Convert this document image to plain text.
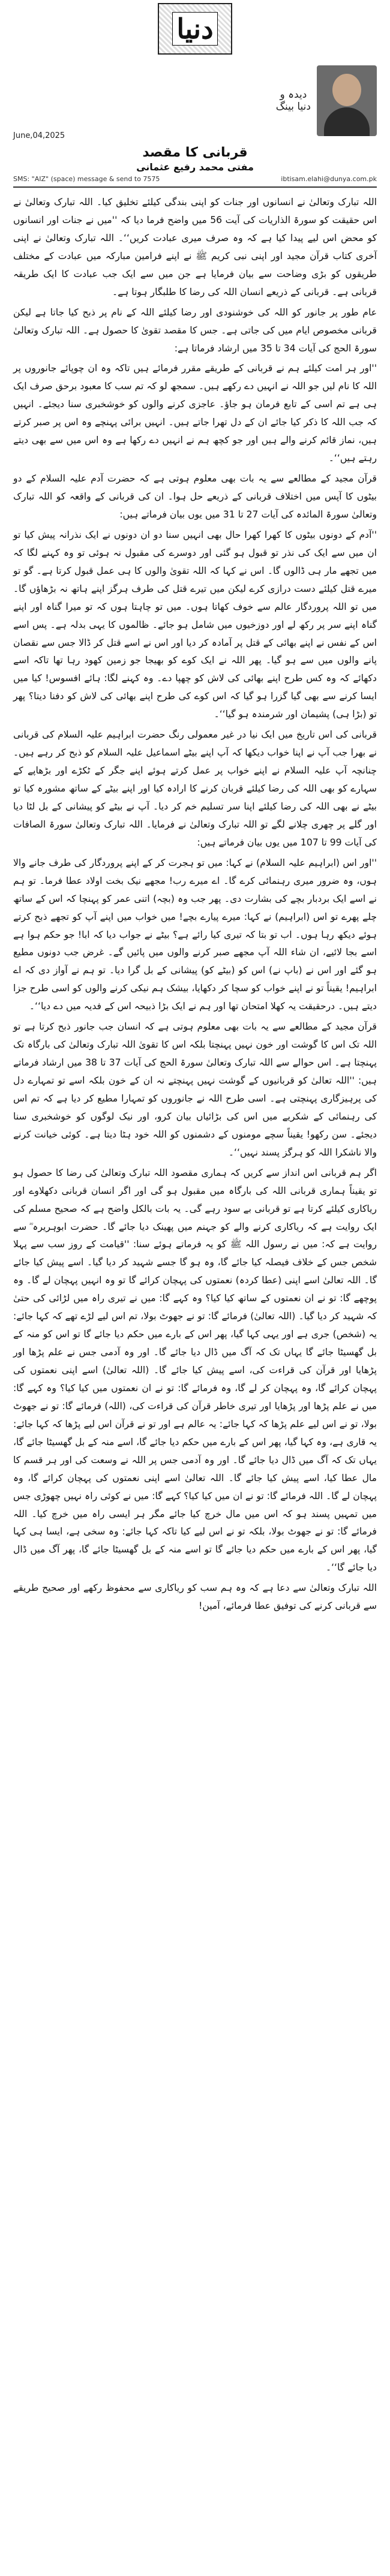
دنیا
June,04,2025
دیدہ و
دنیا بینگ
قربانی کا مقصد
مفتی محمد رفیع عثمانی
SMS: "AIZ" (space) message & send to 7575	ibtisam.elahi@dunya.com.pk

اللہ تبارک وتعالیٰ نے انسانوں اور جنات کو اپنی بندگی کیلئے تخلیق کیا۔ اللہ تبارک وتعالیٰ نے اس حقیقت کو سورۃ الذاریات کی آیت 56 میں واضح فرما دیا کہ ''میں نے جنات اور انسانوں کو محض اس لیے پیدا کیا ہے کہ وہ صرف میری عبادت کریں‘‘۔ اللہ تبارک وتعالیٰ نے اپنی آخری کتاب قرآن مجید اور اپنی نبی کریم ﷺ نے اپنے فرامین مبارکہ میں عبادت کے مختلف طریقوں کو بڑی وضاحت سے بیان فرمایا ہے جن میں سے ایک جب عبادت کا ایک طریقہ قربانی ہے۔ قربانی کے ذریعے انسان اللہ کی رضا کا طلبگار ہوتا ہے۔

عام طور پر جانور کو اللہ کی خوشنودی اور رضا کیلئے اللہ کے نام پر ذبح کیا جاتا ہے لیکن قربانی مخصوص ایام میں کی جاتی ہے۔ جس کا مقصد تقویٰ کا حصول ہے۔ اللہ تبارک وتعالیٰ سورۃ الحج کی آیات 34 تا 35 میں ارشاد فرماتا ہے:

''اور ہر امت کیلئے ہم نے قربانی کے طریقے مقرر فرمائے ہیں تاکہ وہ ان چوپائے جانوروں پر اللہ کا نام لیں جو اللہ نے انہیں دے رکھے ہیں۔ سمجھ لو کہ تم سب کا معبود برحق صرف ایک ہی ہے تم اسی کے تابع فرمان ہو جاؤ۔ عاجزی کرنے والوں کو خوشخبری سنا دیجئے۔ انہیں کہ جب اللہ کا ذکر کیا جائے ان کے دل تھرا جاتے ہیں۔ انہیں برائی پہنچے وہ اس پر صبر کرتے ہیں، نماز قائم کرنے والے ہیں اور جو کچھ ہم نے انہیں دے رکھا ہے وہ اس میں سے بھی دیتے رہتے ہیں‘‘۔

قرآن مجید کے مطالعے سے یہ بات بھی معلوم ہوتی ہے کہ حضرت آدم علیہ السلام کے دو بیٹوں کا آپس میں اختلاف قربانی کے ذریعے حل ہوا۔ ان کی قربانی کے واقعہ کو اللہ تبارک وتعالیٰ سورۃ المائدہ کی آیات 27 تا 31 میں یوں بیان فرماتے ہیں:

''آدم کے دونوں بیٹوں کا کھرا کھرا حال بھی انہیں سنا دو ان دونوں نے ایک نذرانہ پیش کیا تو ان میں سے ایک کی نذر تو قبول ہو گئی اور دوسرے کی مقبول نہ ہوئی تو وہ کہنے لگا کہ میں تجھے مار ہی ڈالوں گا۔ اس نے کہا کہ اللہ تقویٰ والوں کا ہی عمل قبول کرتا ہے۔ گو تو میرے قتل کیلئے دست درازی کرے لیکن میں تیرے قتل کی طرف ہرگز اپنے ہاتھ نہ بڑھاؤں گا۔ میں تو اللہ پروردگار عالم سے خوف کھاتا ہوں۔ میں تو چاہتا ہوں کہ تو میرا گناہ اور اپنے گناہ اپنے سر پر رکھ لے اور دوزخیوں میں شامل ہو جائے۔ ظالموں کا یہی بدلہ ہے۔ پس اسے اس کے نفس نے اپنے بھائی کے قتل پر آمادہ کر دیا اور اس نے اسے قتل کر ڈالا جس سے نقصان پانے والوں میں سے ہو گیا۔ پھر اللہ نے ایک کوے کو بھیجا جو زمین کھود رہا تھا تاکہ اسے دکھائے کہ وہ کس طرح اپنے بھائی کی لاش کو چھپا دے۔ وہ کہنے لگا: ہائے افسوس! کیا میں ایسا کرنے سے بھی گیا گزرا ہو گیا کہ اس کوے کی طرح اپنے بھائی کی لاش کو دفنا دیتا؟ پھر تو (بڑا ہی) پشیمان اور شرمندہ ہو گیا‘‘۔

قربانی کی اس تاریخ میں ایک نیا در غیر معمولی رنگ حضرت ابراہیم علیہ السلام کی قربانی نے بھرا جب آپ نے اپنا خواب دیکھا کہ آپ اپنے بیٹے اسماعیل علیہ السلام کو ذبح کر رہے ہیں۔ چنانچہ آپ علیہ السلام نے اپنے خواب پر عمل کرتے ہوئے اپنے جگر کے ٹکڑے اور بڑھاپے کے سہارے کو بھی اللہ کی رضا کیلئے قربان کرنے کا ارادہ کیا اور اپنے بیٹے کے ساتھ مشورہ کیا تو بیٹے نے بھی اللہ کی رضا کیلئے اپنا سر تسلیم خم کر دیا۔ آپ نے بیٹے کو پیشانی کے بل لٹا دیا اور گلے پر چھری چلانے لگے تو اللہ تبارک وتعالیٰ نے فرمایا۔ اللہ تبارک وتعالیٰ سورۃ الصافات کی آیات 99 تا 107 میں یوں بیان فرماتے ہیں:

''اور اس (ابراہیم علیہ السلام) نے کہا: میں تو ہجرت کر کے اپنے پروردگار کی طرف جانے والا ہوں، وہ ضرور میری رہنمائی کرے گا۔ اے میرے رب! مجھے نیک بخت اولاد عطا فرما۔ تو ہم نے اسے ایک بردبار بچے کی بشارت دی۔ پھر جب وہ (بچہ) اتنی عمر کو پہنچا کہ اس کے ساتھ چلے پھرے تو اس (ابراہیم) نے کہا: میرے پیارے بچے! میں خواب میں اپنے آپ کو تجھے ذبح کرتے ہوئے دیکھ رہا ہوں۔ اب تو بتا کہ تیری کیا رائے ہے؟ بیٹے نے جواب دیا کہ ابا! جو حکم ہوا ہے اسے بجا لائیے، ان شاء اللہ آپ مجھے صبر کرنے والوں میں پائیں گے۔ غرض جب دونوں مطیع ہو گئے اور اس نے (باپ نے) اس کو (بیٹے کو) پیشانی کے بل گرا دیا۔ تو ہم نے آواز دی کہ اے ابراہیم! یقیناً تو نے اپنے خواب کو سچا کر دکھایا، بیشک ہم نیکی کرنے والوں کو اسی طرح جزا دیتے ہیں۔ درحقیقت یہ کھلا امتحان تھا اور ہم نے ایک بڑا ذبیحہ اس کے فدیہ میں دے دیا‘‘۔

قرآن مجید کے مطالعے سے یہ بات بھی معلوم ہوتی ہے کہ انسان جب جانور ذبح کرتا ہے تو اللہ تک اس کا گوشت اور خون نہیں پہنچتا بلکہ اس کا تقویٰ اللہ تبارک وتعالیٰ کی بارگاہ تک پہنچتا ہے۔ اس حوالے سے اللہ تبارک وتعالیٰ سورۃ الحج کی آیات 37 تا 38 میں ارشاد فرماتے ہیں: ''اللہ تعالیٰ کو قربانیوں کے گوشت نہیں پہنچتے نہ ان کے خون بلکہ اسے تو تمہارے دل کی پرہیزگاری پہنچتی ہے۔ اسی طرح اللہ نے جانوروں کو تمہارا مطیع کر دیا ہے کہ تم اس کی رہنمائی کے شکریے میں اس کی بڑائیاں بیان کرو، اور نیک لوگوں کو خوشخبری سنا دیجئے۔ سن رکھو! یقیناً سچے مومنوں کے دشمنوں کو اللہ خود ہٹا دیتا ہے۔ کوئی خیانت کرنے والا ناشکرا اللہ کو ہرگز پسند نہیں‘‘۔

اگر ہم قربانی اس انداز سے کریں کہ ہماری مقصود اللہ تبارک وتعالیٰ کی رضا کا حصول ہو تو یقیناً ہماری قربانی اللہ کی بارگاہ میں مقبول ہو گی اور اگر انسان قربانی دکھلاوے اور ریاکاری کیلئے کرتا ہے تو قربانی بے سود رہے گی۔ یہ بات بالکل واضح ہے کہ صحیح مسلم کی ایک روایت ہے کہ ریاکاری کرنے والے کو جہنم میں پھینک دیا جائے گا۔ حضرت ابوہریرہ ؓ سے روایت ہے کہ: میں نے رسول اللہ ﷺ کو یہ فرماتے ہوئے سنا: ''قیامت کے روز سب سے پہلا شخص جس کے خلاف فیصلہ کیا جائے گا، وہ ہو گا جسے شہید کر دیا گیا۔ اسے پیش کیا جائے گا۔ اللہ تعالیٰ اسے اپنی (عطا کردہ) نعمتوں کی پہچان کرائے گا تو وہ انہیں پہچان لے گا۔ وہ پوچھے گا: تو نے ان نعمتوں کے ساتھ کیا کیا؟ وہ کہے گا: میں نے تیری راہ میں لڑائی کی حتیٰ کہ شہید کر دیا گیا۔ (اللہ تعالیٰ) فرمائے گا: تو نے جھوٹ بولا، تم اس لیے لڑے تھے کہ کہا جائے: یہ (شخص) جری ہے اور یہی کہا گیا، پھر اس کے بارے میں حکم دیا جائے گا تو اس کو منہ کے بل گھسیٹا جائے گا یہاں تک کہ آگ میں ڈال دیا جائے گا۔ اور وہ آدمی جس نے علم پڑھا اور پڑھایا اور قرآن کی قراءت کی، اسے پیش کیا جائے گا۔ (اللہ تعالیٰ) اسے اپنی نعمتوں کی پہچان کرائے گا، وہ پہچان کر لے گا، وہ فرمائے گا: تو نے ان نعمتوں میں کیا کیا؟ وہ کہے گا: میں نے علم پڑھا اور پڑھایا اور تیری خاطر قرآن کی قراءت کی، (اللہ) فرمائے گا: تو نے جھوٹ بولا، تو نے اس لیے علم پڑھا کہ کہا جائے: یہ عالم ہے اور تو نے قرآن اس لیے پڑھا کہ کہا جائے: یہ قاری ہے، وہ کہا گیا، پھر اس کے بارے میں حکم دیا جائے گا، اسے منہ کے بل گھسیٹا جائے گا، یہاں تک کہ آگ میں ڈال دیا جائے گا۔ اور وہ آدمی جس پر اللہ نے وسعت کی اور ہر قسم کا مال عطا کیا، اسے پیش کیا جائے گا۔ اللہ تعالیٰ اسے اپنی نعمتوں کی پہچان کرائے گا، وہ پہچان لے گا۔ اللہ فرمائے گا: تو نے ان میں کیا کیا؟ کہے گا: میں نے کوئی راہ نہیں چھوڑی جس میں تمہیں پسند ہو کہ اس میں مال خرچ کیا جائے مگر ہر ایسی راہ میں خرچ کیا۔ اللہ فرمائے گا: تو نے جھوٹ بولا، بلکہ تو نے اس لیے کیا تاکہ کہا جائے: وہ سخی ہے، ایسا ہی کہا گیا، پھر اس کے بارے میں حکم دیا جائے گا تو اسے منہ کے بل گھسیٹا جائے گا، پھر آگ میں ڈال دیا جائے گا‘‘۔

اللہ تبارک وتعالیٰ سے دعا ہے کہ وہ ہم سب کو ریاکاری سے محفوظ رکھے اور صحیح طریقے سے قربانی کرنے کی توفیق عطا فرمائے، آمین!
